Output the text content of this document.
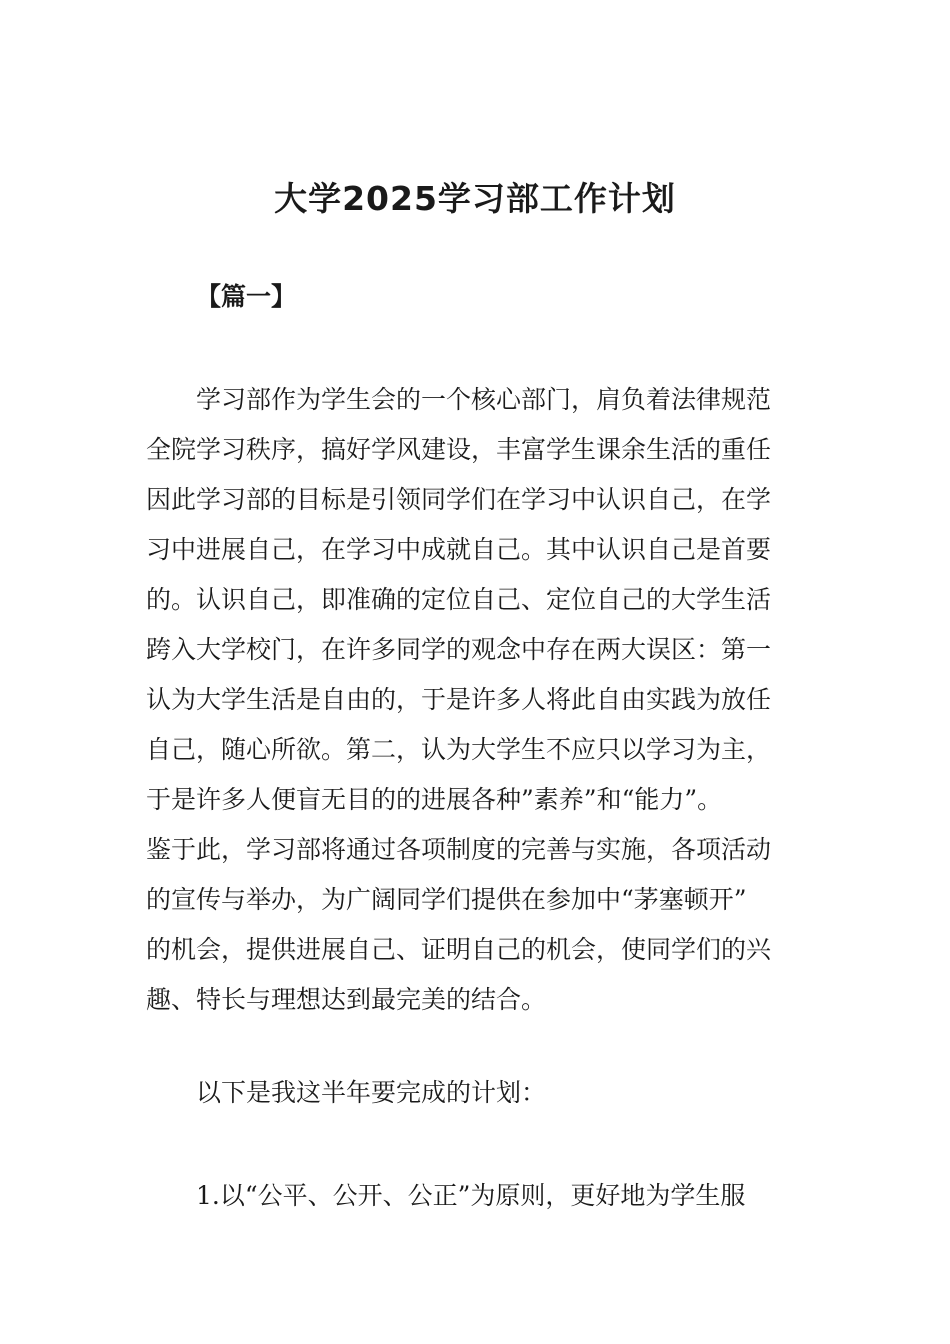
大学2025学习部工作计划
【篇一】
　　学习部作为学生会的一个核心部门，肩负着法律规范
全院学习秩序，搞好学风建设，丰富学生课余生活的重任
因此学习部的目标是引领同学们在学习中认识自己，在学
习中进展自己，在学习中成就自己。其中认识自己是首要
的。认识自己，即准确的定位自己、定位自己的大学生活
跨入大学校门，在许多同学的观念中存在两大误区：第一
认为大学生活是自由的，于是许多人将此自由实践为放任
自己，随心所欲。第二，认为大学生不应只以学习为主，
于是许多人便盲无目的的进展各种”素养”和“能力”。
鉴于此，学习部将通过各项制度的完善与实施，各项活动
的宣传与举办，为广阔同学们提供在参加中“茅塞顿开”
的机会，提供进展自己、证明自己的机会，使同学们的兴
趣、特长与理想达到最完美的结合。
　　以下是我这半年要完成的计划：
　　1.以“公平、公开、公正”为原则，更好地为学生服
